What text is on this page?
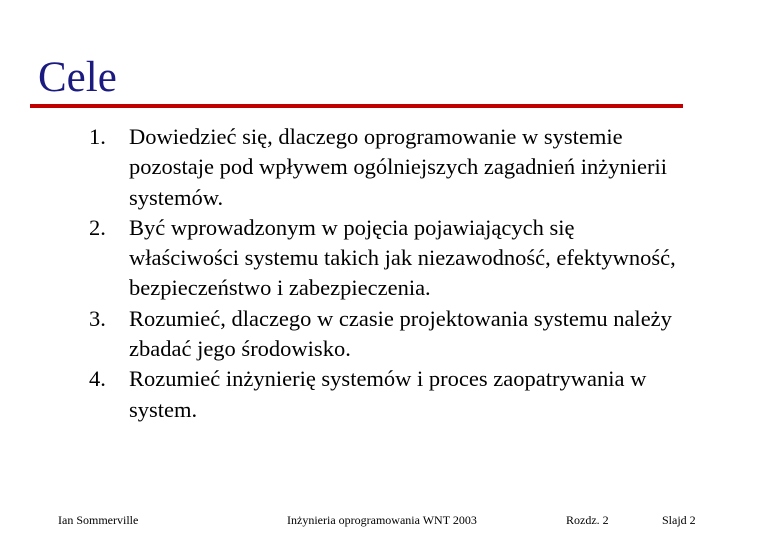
Cele
1.	Dowiedzieć się, dlaczego oprogramowanie w systemie
pozostaje pod wpływem ogólniejszych zagadnień inżynierii
systemów.
2.	Być wprowadzonym w pojęcia pojawiających się
właściwości systemu takich jak niezawodność, efektywność,
bezpieczeństwo i zabezpieczenia.
3.	Rozumieć, dlaczego w czasie projektowania systemu należy
zbadać jego środowisko.
4.	Rozumieć inżynierię systemów i proces zaopatrywania w
system.
Ian Sommerville	Inżynieria oprogramowania WNT 2003	Rozdz. 2	Slajd 2
